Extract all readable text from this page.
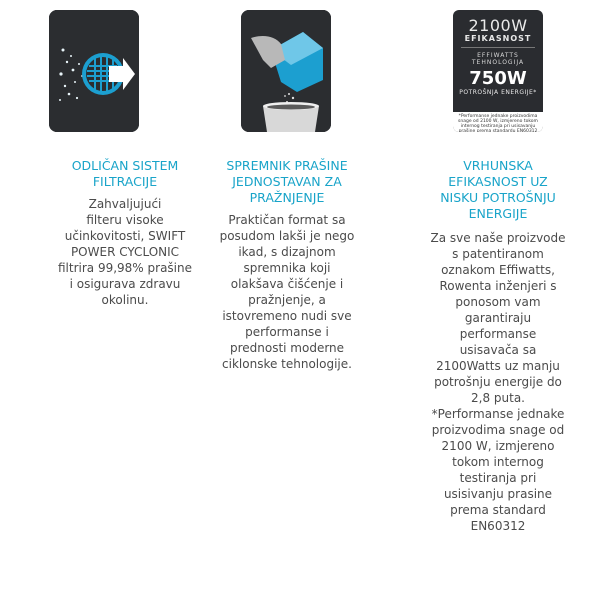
ODLIČAN SISTEM
FILTRACIJE
Zahvaljujući
filteru visoke
učinkovitosti, SWIFT
POWER CYCLONIC
filtrira 99,98% prašine
i osigurava zdravu
okolinu.
SPREMNIK PRAŠINE
JEDNOSTAVAN ZA
PRAŽNJENJE
Praktičan format sa
posudom lakši je nego
ikad, s dizajnom
spremnika koji
olakšava čišćenje i
pražnjenje, a
istovremeno nudi sve
performanse i
prednosti moderne
ciklonske tehnologije.
2100W
EFIKASNOST
EFFIWATTS TEHNOLOGIJA
750W
POTROŠNJA ENERGIJE*
*Performanse jednake proizvodima snage od 2100 W, izmjereno tokom internog testiranja pri usisavanju prašine prema standardu EN60312
VRHUNSKA
EFIKASNOST UZ
NISKU POTROŠNJU
ENERGIJE
Za sve naše proizvode
s patentiranom
oznakom Effiwatts,
Rowenta inženjeri s
ponosom vam
garantiraju
performanse
usisavača sa
2100Watts uz manju
potrošnju energije do
2,8 puta.
*Performanse jednake
proizvodima snage od
2100 W, izmjereno
tokom internog
testiranja pri
usisivanju prasine
prema standard
EN60312
